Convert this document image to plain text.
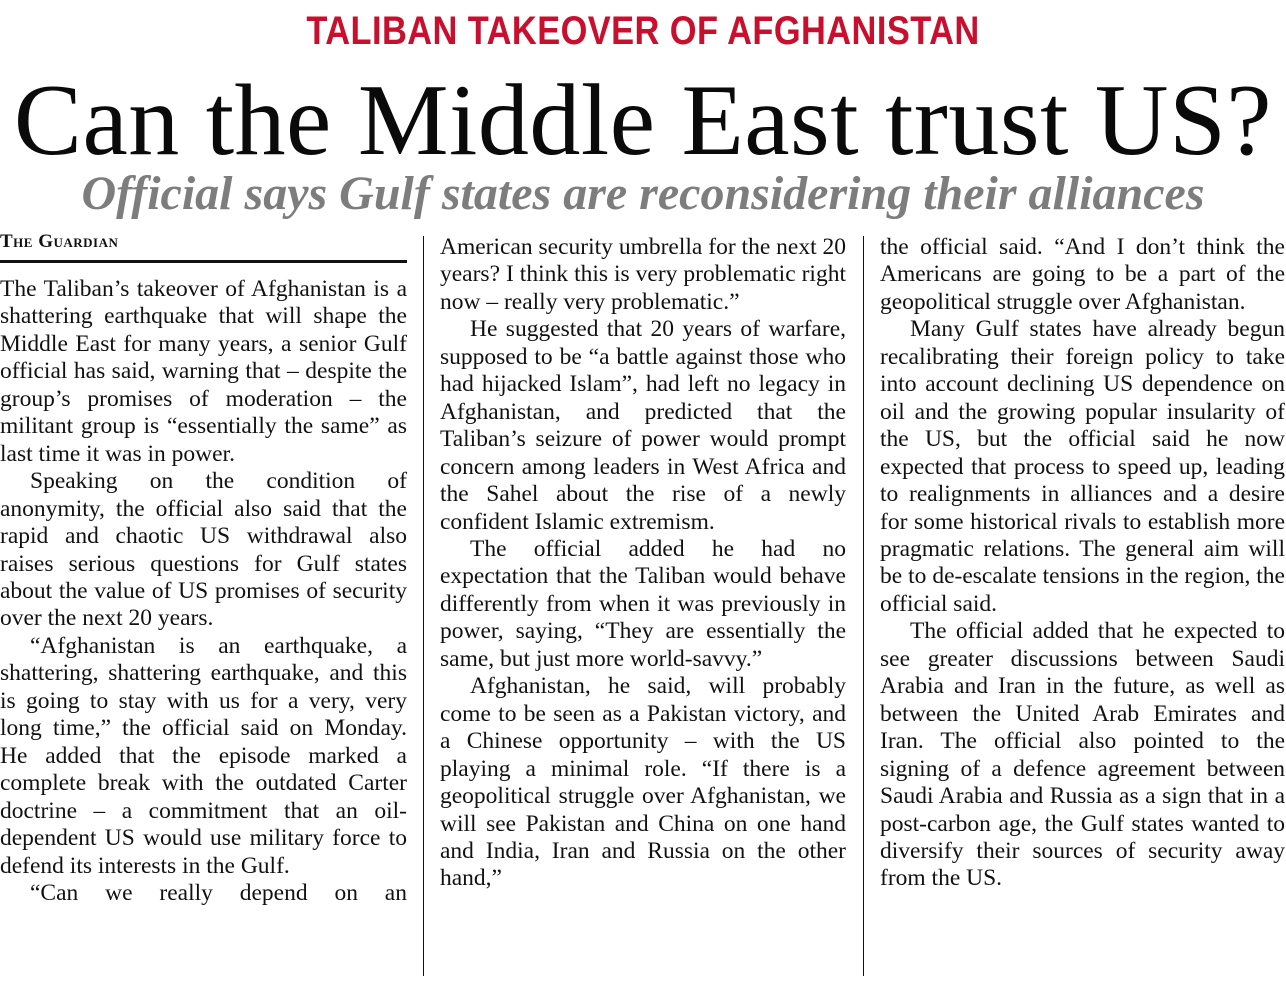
TALIBAN TAKEOVER OF AFGHANISTAN
Can the Middle East trust US?
Official says Gulf states are reconsidering their alliances
The Guardian

The Taliban’s takeover of Afghanistan is a shattering earthquake that will shape the Middle East for many years, a senior Gulf official has said, warning that – despite the group’s promises of moderation – the militant group is “essentially the same” as last time it was in power.

Speaking on the condition of anonymity, the official also said that the rapid and chaotic US withdrawal also raises serious questions for Gulf states about the value of US promises of security over the next 20 years.

“Afghanistan is an earthquake, a shattering, shattering earthquake, and this is going to stay with us for a very, very long time,” the official said on Monday. He added that the episode marked a complete break with the outdated Carter doctrine – a commitment that an oil-dependent US would use military force to defend its interests in the Gulf.

“Can we really depend on an

American security umbrella for the next 20 years? I think this is very problematic right now – really very problematic.”

He suggested that 20 years of warfare, supposed to be “a battle against those who had hijacked Islam”, had left no legacy in Afghanistan, and predicted that the Taliban’s seizure of power would prompt concern among leaders in West Africa and the Sahel about the rise of a newly confident Islamic extremism.

The official added he had no expectation that the Taliban would behave differently from when it was previously in power, saying, “They are essentially the same, but just more world-savvy.”

Afghanistan, he said, will probably come to be seen as a Pakistan victory, and a Chinese opportunity – with the US playing a minimal role. “If there is a geopolitical struggle over Afghanistan, we will see Pakistan and China on one hand and India, Iran and Russia on the other hand,”

the official said. “And I don’t think the Americans are going to be a part of the geopolitical struggle over Afghanistan.

Many Gulf states have already begun recalibrating their foreign policy to take into account declining US dependence on oil and the growing popular insularity of the US, but the official said he now expected that process to speed up, leading to realignments in alliances and a desire for some historical rivals to establish more pragmatic relations. The general aim will be to de-escalate tensions in the region, the official said.

The official added that he expected to see greater discussions between Saudi Arabia and Iran in the future, as well as between the United Arab Emirates and Iran. The official also pointed to the signing of a defence agreement between Saudi Arabia and Russia as a sign that in a post-carbon age, the Gulf states wanted to diversify their sources of security away from the US.
